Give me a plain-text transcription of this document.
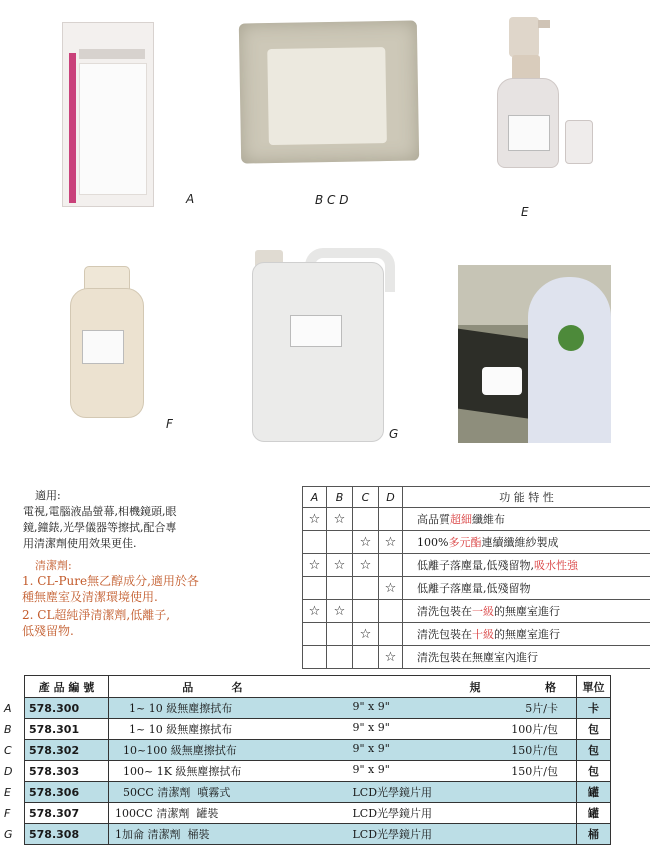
A	B C D
E
F
G
適用:
電視,電腦液晶螢幕,相機鏡頭,眼
鏡,鐘錶,光學儀器等擦拭,配合專
用清潔劑使用效果更佳.
清潔劑:
1. CL-Pure無乙醇成分,適用於各
種無塵室及清潔環境使用.
2. CL超純淨清潔劑,低離子,
低殘留物.
A	B	C	D	功 能 特 性
☆	☆			高品質超細纖維布
		☆	☆	100%多元酯連續纖維紗製成
☆	☆	☆		低離子落塵量,低殘留物,吸水性強
			☆	低離子落塵量,低殘留物
☆	☆			清洗包裝在一級的無塵室進行
		☆		清洗包裝在十級的無塵室進行
			☆	清洗包裝在無塵室內進行
A
B
C
D
E
F
G
產 品 編 號	品          名	規 格	單位
578.300	1~ 10 級無塵擦拭布	9" x 9" 5片/卡	卡
578.301	1~ 10 級無塵擦拭布	9" x 9" 100片/包	包
578.302	10~100 級無塵擦拭布	9" x 9" 150片/包	包
578.303	100~ 1K 級無塵擦拭布	9" x 9" 150片/包	包
578.306	50CC 清潔劑  噴霧式	LCD光學鏡片用	罐
578.307	100CC 清潔劑  罐裝	LCD光學鏡片用	罐
578.308	1加侖 清潔劑  桶裝	LCD光學鏡片用	桶
